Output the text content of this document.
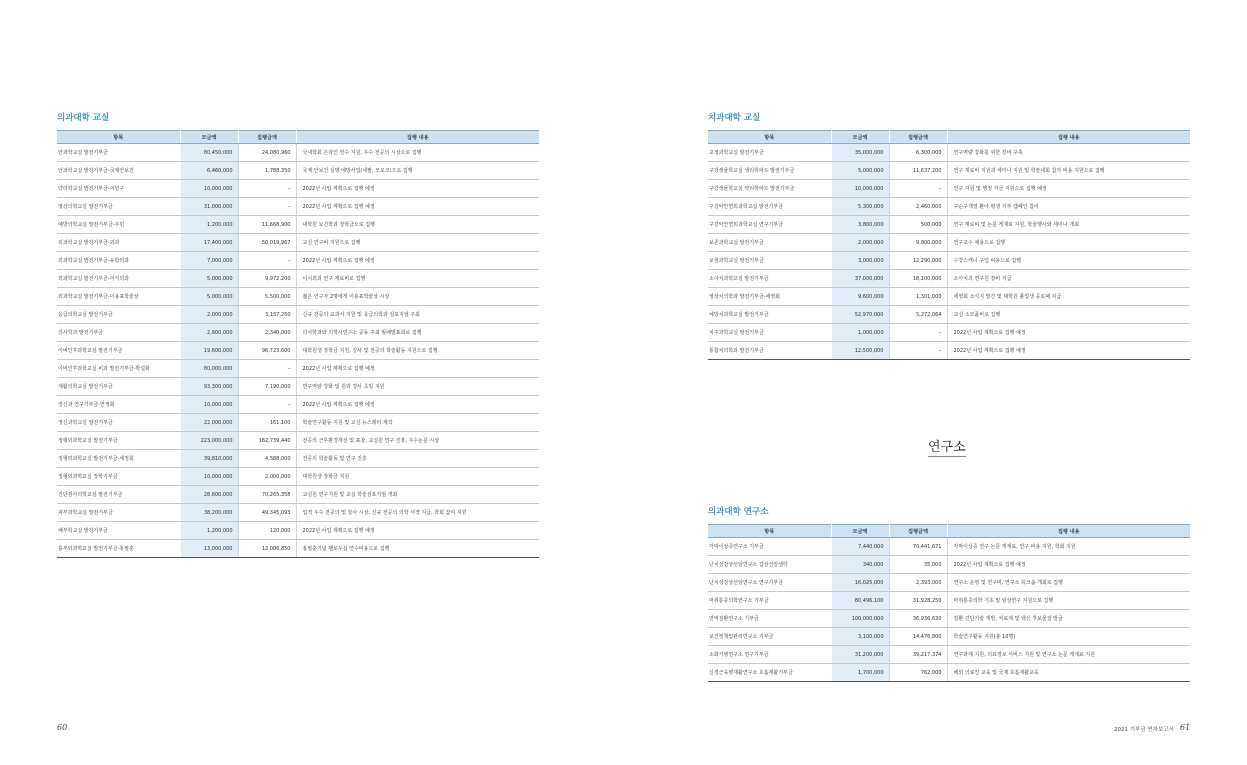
의과대학 교실
항목	모금액	집행금액	집행 내용
안과학교실 발전기부금	80,450,000	24,080,960	국내학회 온라인 연수 지원, 우수 전공의 시상으로 집행
안과학교실 발전기부금-국제안보건	6,460,000	1,788,350	국제 안보건 실명 예방사업(네팔, 모로코)으로 집행
약리학교실 발전기부금-이민구	10,000,000	–	2022년 사업 계획으로 집행 예정
영상의학교실 발전기부금	31,000,000	–	2022년 사업 계획으로 집행 예정
예방의학교실 발전기부금-우민	1,200,000	11,668,900	대학원 보건학과 장학금으로 집행
외과학교실 발전기부금-외과	17,400,000	50,019,967	교실 연구비 지원으로 집행
외과학교실 발전기부금-유방외과	7,000,000	–	2022년 사업 계획으로 집행 예정
외과학교실 발전기부금-이식외과	5,000,000	9,972,200	이식외과 연구 재료비로 집행
외과학교실 발전기부금-이용표학술상	5,000,000	5,500,000	젊은 연구자 2명에게 이용표학술상 시상
응급의학교실 발전기부금	2,000,000	3,157,250	신규 전공의 교과서 지원 및 응급의학과 심포지엄 주최
의사학과 발전기부금	2,600,000	2,340,000	의사학과와 의학사연구소 공동 주최 월례발표회로 집행
이비인후과학교실 발전기부금	19,600,000	96,723,600	대학원생 장학금 지원, 강사 및 전공의 학술활동 지원으로 집행
이비인후과학교실 비과 발전기부금-박설화	80,000,000	–	2022년 사업 계획으로 집행 예정
재활의학교실 발전기부금	93,300,000	7,190,000	연구역량 강화 및 원외 강사 초빙 지원
정신과 연구기부금-연정회	10,000,000	–	2022년 사업 계획으로 집행 예정
정신과학교실 발전기부금	22,000,000	161,100	학술연구활동 지원 및 교실 뉴스레터 제작
정형외과학교실 발전기부금	223,000,000	162,739,440	전공의 근무환경개선 및 표창, 교실원 연구 진흥, 우수논문 시상
정형외과학교실 발전기부금-세정회	39,810,000	4,588,000	전공의 학술활동 및 연구 진흥
정형외과학교실 장학기부금	10,000,000	2,000,000	대학원생 장학금 지원
진단검사의학교실 발전기부금	28,600,000	70,265,358	교실원 연구지원 및 교실 학술심포지엄 개최
피부과학교실 발전기부금	38,200,000	49,345,093	업적 우수 전공의 및 강사 시상, 신규 전공의 의학 서적 지급, 학회 참여 지원
해부학교실 발전기부금	1,200,000	120,000	2022년 사업 계획으로 집행 예정
흉부외과학교실 발전기부금-홍필훈	13,000,000	12,006,850	홍필훈기념 펠로우십 연수비용으로 집행
60
치과대학 교실
항목	모금액	집행금액	집행 내용
교정과학교실 발전기부금	35,000,000	6,300,000	연구역량 강화를 위한 장비 구축
구강생물학교실 생리학파트 발전기부금	5,000,000	11,637,200	연구 재료비 지원과 세미나 지원 및 학술대회 참가 비용 지원으로 집행
구강생물학교실 약리학파트 발전기부금	10,000,000	–	연구 지원 및 행정 자금 지원으로 집행 예정
구강악안면외과학교실 발전기부금	5,300,000	2,460,000	구순구개열 환아 평생 기부 캠페인 참여
구강악안면외과학교실 연구기부금	3,800,000	500,000	연구 재료비 및 논문 게재료 지원, 학술행사와 세미나 개최
보존과학교실 발전기부금	2,000,000	9,800,000	연구교수 채용으로 집행
보철과학교실 발전기부금	3,000,000	12,290,000	구강스캐너 구입 비용으로 집행
소아치과학교실 발전기부금	37,000,000	18,100,000	소아치과 연구원 장비 지급
영상치의학과 발전기부금-세영회	9,600,000	1,301,000	세영회 소식지 발간 및 대학원 졸업생 공로패 지급
예방치과학교실 발전기부금	52,970,000	5,272,064	교실 소모품비로 집행
치주과학교실 발전기부금	1,000,000	–	2022년 사업 계획으로 집행 예정
통합치의학과 발전기부금	12,500,000	–	2022년 사업 계획으로 집행 예정
의과대학 연구소
항목	모금액	집행금액	집행 내용
각막이상증연구소 기부금	7,440,000	70,441,671	각막이상증 연구 논문 게재료, 연구 비용 지원, 학회 지원
난치성감상선암연구소 갑상선암센터	340,000	35,000	2022년 사업 계획으로 집행 예정
난치성감상선암연구소 연구기부금	16,025,000	2,393,000	연구소 운영 및 연구비, 연구소 워크숍 개최로 집행
마취통증의학연구소 기부금	80,496,100	31,928,250	마취통증의학 기초 및 임상연구 지원으로 집행
면역질환연구소 기부금	100,000,000	36,936,630	질환 진단기술 개발, 치료제 및 백신 후보물질 발굴
보건정책및관리연구소 기부금	3,100,000	14,476,800	학술연구활동 지원(총 10명)
소화기병연구소 연구기부금	31,200,000	39,217,374	연구과제 지원, 의료정보 서비스 지원 및 연구소 논문 게재료 지원
신경근육병재활연구소 호흡재활기부금	1,700,000	762,000	해외 의료진 교육 및 국제 호흡재활교육
2021 기부금 연차보고서 61
연구소
